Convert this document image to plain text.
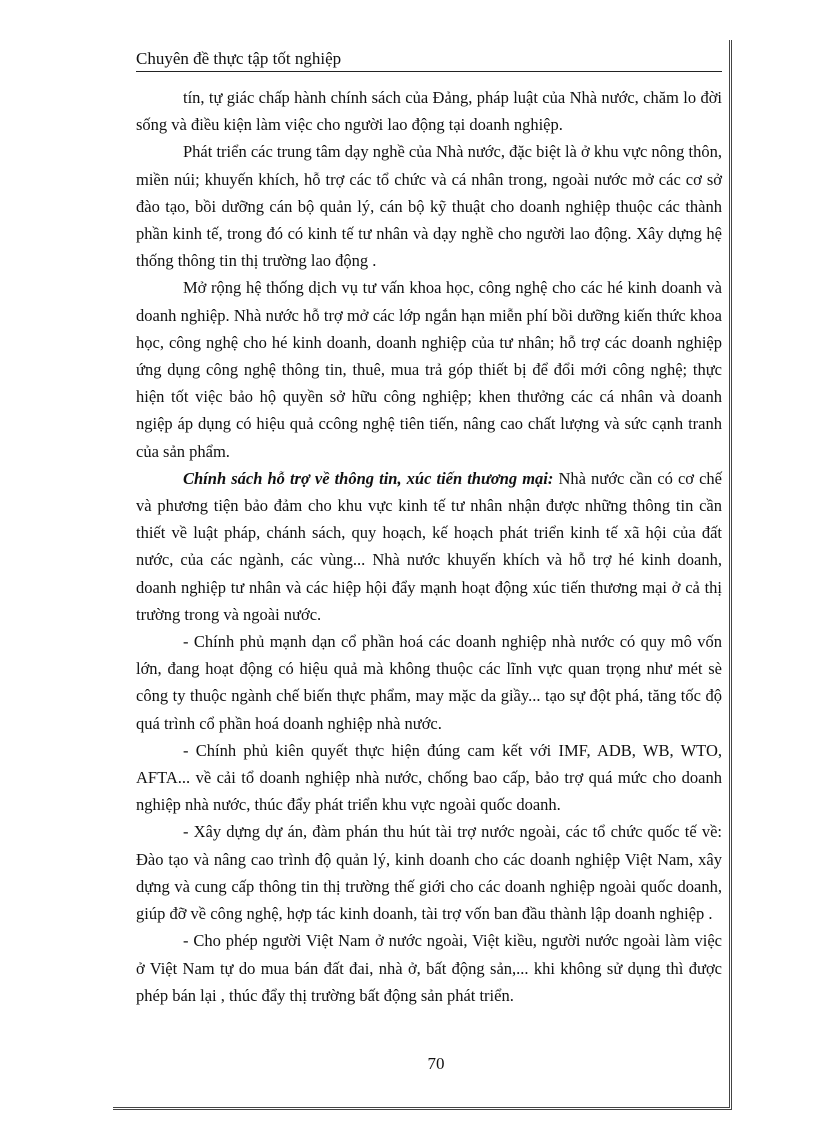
Chuyên đề thực tập tốt nghiệp

tín, tự giác chấp hành chính sách của Đảng, pháp luật của Nhà nước, chăm lo đời sống và điều kiện làm việc cho người lao động tại doanh nghiệp.

Phát triển các trung tâm dạy nghề của Nhà nước, đặc biệt là ở khu vực nông thôn, miền núi; khuyến khích, hỗ trợ các tổ chức và cá nhân trong, ngoài nước mở các cơ sở đào tạo, bồi dưỡng cán bộ quản lý, cán bộ kỹ thuật cho doanh nghiệp thuộc các thành phần kinh tế, trong đó có kinh tế tư nhân và dạy nghề cho người lao động. Xây dựng hệ thống thông tin thị trường lao động .

Mở rộng hệ thống dịch vụ tư vấn khoa học, công nghệ cho các hé kinh doanh và doanh nghiệp. Nhà nước hỗ trợ mở các lớp ngắn hạn miễn phí bồi dưỡng kiến thức khoa học, công nghệ cho hé kinh doanh, doanh nghiệp của tư nhân; hỗ trợ các doanh nghiệp ứng dụng công nghệ thông tin, thuê, mua trả góp thiết bị để đổi mới công nghệ; thực hiện tốt việc bảo hộ quyền sở hữu công nghiệp; khen thưởng các cá nhân và doanh ngiệp áp dụng có hiệu quả ccông nghệ tiên tiến, nâng cao chất lượng và sức cạnh tranh của sản phẩm.

Chính sách hỗ trợ về thông tin, xúc tiến thương mại: Nhà nước cần có cơ chế và phương tiện bảo đảm cho khu vực kinh tế tư nhân nhận được những thông tin cần thiết về luật pháp, chánh sách, quy hoạch, kế hoạch phát triển kinh tế xã hội của đất nước, của các ngành, các vùng... Nhà nước khuyến khích và hỗ trợ hé kinh doanh, doanh nghiệp tư nhân và các hiệp hội đẩy mạnh hoạt động xúc tiến thương mại ở cả thị trường trong và ngoài nước.

- Chính phủ mạnh dạn cổ phần hoá các doanh nghiệp nhà nước có quy mô vốn lớn, đang hoạt động có hiệu quả mà không thuộc các lĩnh vực quan trọng như mét sè công ty thuộc ngành chế biến thực phẩm, may mặc da giầy... tạo sự đột phá, tăng tốc độ quá trình cổ phần hoá doanh nghiệp nhà nước.

- Chính phủ kiên quyết thực hiện đúng cam kết với IMF, ADB, WB, WTO, AFTA... về cải tổ doanh nghiệp nhà nước, chống bao cấp, bảo trợ quá mức cho doanh nghiệp nhà nước, thúc đẩy phát triển khu vực ngoài quốc doanh.

- Xây dựng dự án, đàm phán thu hút tài trợ nước ngoài, các tổ chức quốc tế về: Đào tạo và nâng cao trình độ quản lý, kinh doanh cho các doanh nghiệp Việt Nam, xây dựng và cung cấp thông tin thị trường thế giới cho các doanh nghiệp ngoài quốc doanh, giúp đỡ về công nghệ, hợp tác kinh doanh, tài trợ vốn ban đầu thành lập doanh nghiệp .

- Cho phép người Việt Nam ở nước ngoài, Việt kiều, người nước ngoài làm việc ở Việt Nam tự do mua bán đất đai, nhà ở, bất động sản,... khi không sử dụng thì được phép bán lại , thúc đẩy thị trường bất động sản phát triển.

70
